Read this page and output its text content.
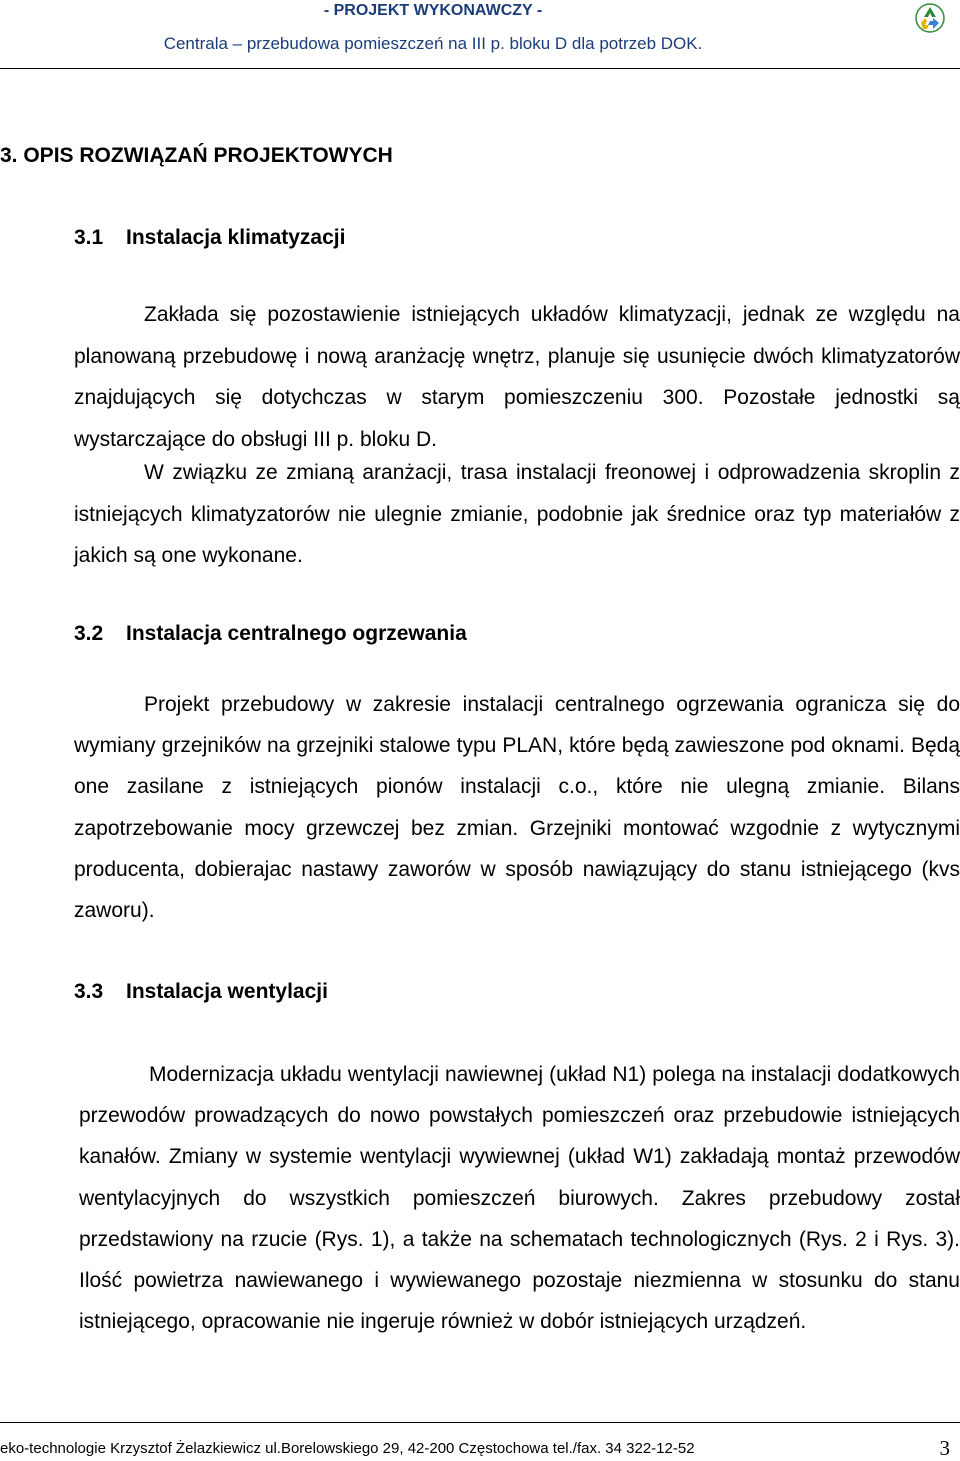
- PROJEKT WYKONAWCZY -
Centrala – przebudowa pomieszczeń na III p. bloku D dla potrzeb DOK.
3. OPIS ROZWIĄZAŃ PROJEKTOWYCH
3.1 Instalacja klimatyzacji

Zakłada się pozostawienie istniejących układów klimatyzacji, jednak ze względu na planowaną przebudowę i nową aranżację wnętrz, planuje się usunięcie dwóch klimatyzatorów znajdujących się dotychczas w starym pomieszczeniu 300. Pozostałe jednostki są wystarczające do obsługi III p. bloku D.

W związku ze zmianą aranżacji, trasa instalacji freonowej i odprowadzenia skroplin z istniejących klimatyzatorów nie ulegnie zmianie, podobnie jak średnice oraz typ materiałów z jakich są one wykonane.

3.2 Instalacja centralnego ogrzewania

Projekt przebudowy w zakresie instalacji centralnego ogrzewania ogranicza się do wymiany grzejników na grzejniki stalowe typu PLAN, które będą zawieszone pod oknami. Będą one zasilane z istniejących pionów instalacji c.o., które nie ulegną zmianie. Bilans zapotrzebowanie mocy grzewczej bez zmian. Grzejniki montować wzgodnie z wytycznymi producenta, dobierajac nastawy zaworów w sposób nawiązujący do stanu istniejącego (kvs zaworu).

3.3 Instalacja wentylacji

Modernizacja układu wentylacji nawiewnej (układ N1) polega na instalacji dodatkowych przewodów prowadzących do nowo powstałych pomieszczeń oraz przebudowie istniejących kanałów. Zmiany w systemie wentylacji wywiewnej (układ W1) zakładają montaż przewodów wentylacyjnych do wszystkich pomieszczeń biurowych. Zakres przebudowy został przedstawiony na rzucie (Rys. 1), a także na schematach technologicznych (Rys. 2 i Rys. 3). Ilość powietrza nawiewanego i wywiewanego pozostaje niezmienna w stosunku do stanu istniejącego, opracowanie nie ingeruje również w dobór istniejących urządzeń.

eko-technologie Krzysztof Żelazkiewicz ul.Borelowskiego 29, 42-200 Częstochowa tel./fax. 34 322-12-52	3
